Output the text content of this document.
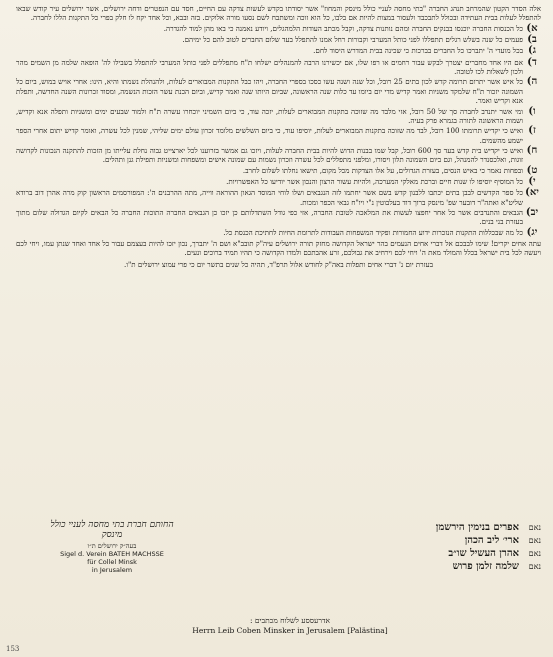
אלה הסדר הקטון שהמרחב תנהג החברה "בתי מחסה לעניי כולל מינסק והמחוז" אשר יסודתו בקדש לעשות צדקה עם החיים, חסד עם הנפטרים ודחה ירושלים, אשר ירושלים עיר קודש שבאו להתפלל לעלות בבית העתידה ובכולל לתבכבד ולעסור במצות להיות אם בלבו, כל הוא זוכה ומשתבח לשם נסעו מורה אלוקים. בזה ובבא, וכל אחד יקח לו חלק בפרי כל התקנות הללו לחברה.

א)
כל הכנסות החברה יוכנסו בבנקים החברה ומהם נותנות צדקה, וקבל מכתב העודות הלמהגלים, ויודע נאמנה כי באו מהן למוד להגדרה.
ב)
פעמים כל שנה בשלש רגלים תתפללו לפני כותל המערבי וקבורות רחל אמנו להתפלל בעד שלום החברים לטוב להם כל ימיהם.
ג)
בכל מועדי ה' יתברכו כל החברים בברכות כי שכינה בבית המדרש היסוד לחם.
ד)
אם היו אחד מחברים יצטרך לבקש עבור רחמים או רפו שלו, אם יכשירנו הרבה להמנהלים ישלחו ת"ח מתפללים לפני כותל המערבי להתפלל בשבילו לה' הופאה שלמה מן השמים מהר ולכון לשאלות לכו לטובה.
ה)
כל איש אשר יתרום תרומה קדש לכון בתים 25 רובל, וכל שנה ושנה עשו כסכו בספרי החברה, ויהו כבל התקנות המבוארים לעלות, ולהנהלת נשמתו והיא, הינו: אחרי אויש במוש, ביום כל השמונה יזכור ת"ח שלמקד משניות ואמר קדיש מדי יום ביומו עד כלות שנה הראשונה, שביום היותו שנה ואמר קדיש, וביום הכנת עשר הזכות הנשמה, ומסוד זכרונות השנה החדשה, ותפלת אנא וקריש ואמר.
ו)
ומי אשר יתנדב לחברה סך של 50 רובל, אזי מלבד מה שזוכה בתקנות המבוארים לעלות, יזכה עוד, כי ביום השמיני יוכחרו עשרה ת"ח ולמוד שבעים ימים ומשניות ותפלה אנא וקדיש, ושמות הראשונה לתורה בגמרא פרק בעיה.
ז)
ואיש כי יקדיש תרומתו 100 רובל, לבד מה שזוכה בתקנות המבוארים לעלות, יוסיפו עוד, כי ביום השלשים מלומד זכרון עולם ימים שליהי, שמנין לכל עשרה, ואומר קדיש יתום אחרי הספר ישמע מהשמים.
ח)
ואיש כי יקדיש בית קדש בעד סך 600 רובל, קבל שמו בבנות הדוש להיות בבית החברה לעלות, ויזכו גם אמשר בזרוענו לכל יארצייט גבוה נחלת עלייתו מן הזכות להתקנה הנכונות לקדושה זוגות, ואלכסנדר להמנהל, וגם ביום השמונה תלון ויסורו, ומלפני מתפללים לכל עשרה וזכרון נשמות עם שמונה אישים ומשפחות ומשניות ותפילת גנן ותהלים.
ט)
ובפחות נאמר כי באיש הנסים, בעזרת הגדולים, על אלו הצדקות מכל מקום, תישאו נחלתו לשלום לחרב.
י)
כל המוסיף יוסיפו לו שנות חיים וברכת מאלקי המערכה, ולהיות עשור הרצון והנכון אשר יודיעו כל האפשרויות.
יא)
כל ספר הקדשים לבבן בתים יכתבו ללבנון קדש בשם אשר יחתמו לזה הנגבאים ושלו לוחי המוסד הגאון ההוראה ווייה, מתה ההרבנים ה': המפורסמים הראשון קוק מרה אהרן דוב ברודא שליט"א ואתה"ר דובער שפ' מינסק ברוך דוד בעלבוטין נ"י ויו"ח גבאי הכפר ומכות.
יב)
הגבאים והתנדבים אשר כל אחר יחפצו לעשות את המלאכה לטובת החברה, אזי כפי גודל השתדלותם כן יזכו כן הגבאים החברה התוכות החברה כל הבאים לקיום הגדולה שלום מתוך בעזרת בני בנים.
יג)
כל מה שבכללות התקנות הנזכרות ידוע החמורות ופקיד המשפחות העבודות לתרומת החיות לחתיכת הכנסת כל.

עתה אחים יקרים! שימו לבבכם אל דברי אחים הנעמים בהר ישראל הקדושה מחזק תורה ירושלים עיה"ק תובב"א ושם ה' יתברך, נכון יזכו להיות בעצמם עבור כל אחד ואחד שנתן עמו, ויחי לכם ויעשה לכל בית ישראל בכלל והמולד מאת ה' ויחי לכם וירחיב את גבולכם, זרע אהבתכם ולמדו הקדושה כי תהיו תמיד ברוכים ונעים.

בעזרת יום נ' דברי אחים ותפלות באה"ק לחודש אלול תרפ"ד, תהיה כל שנים בתשר יום כי פרי עמוצ ירושלים ת"ו.

נאם
אפרים בנימין הירשמן
נאם
ארי׳ ליב הכהן
נאם
אהרן העשיל שו״ב
נאם
שלמה זלמן פרוש
החותם חברת בתי מחסה לעניי כולל מינסק
בעה״ק ירושלים ת״ו
Sigel d. Verein BATEH MACHSSE
für Collel Minsk
in Jerusalem
אדרעססע לשלוח מכתבים :
Herrn Leib Coben Minsker in Jerusalem [Palästina]
153
